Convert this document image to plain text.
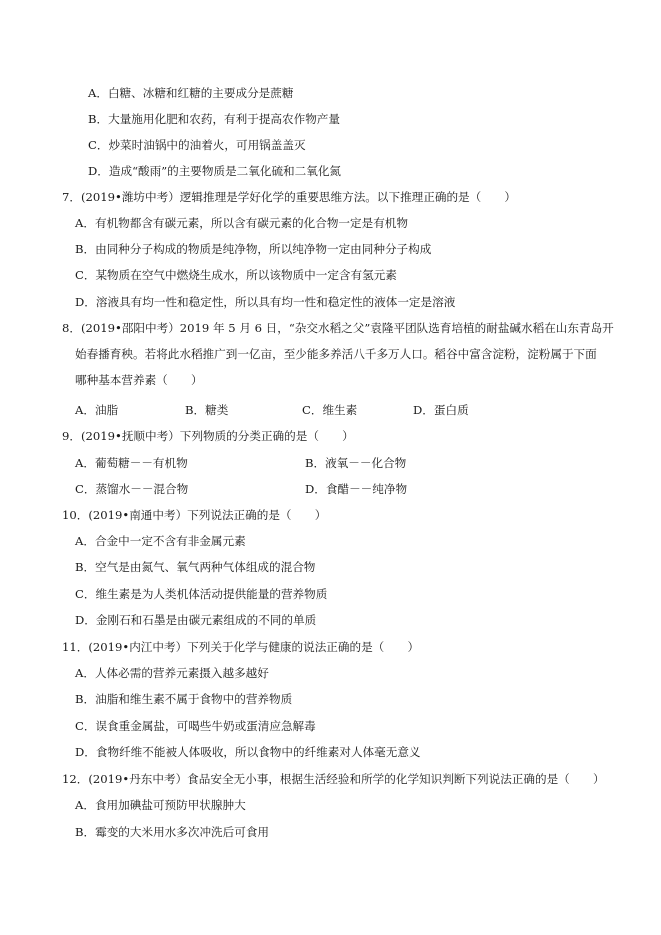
A．白糖、冰糖和红糖的主要成分是蔗糖
B．大量施用化肥和农药，有利于提高农作物产量
C．炒菜时油锅中的油着火，可用锅盖盖灭
D．造成“酸雨”的主要物质是二氧化硫和二氧化氮
7．(2019•潍坊中考）逻辑推理是学好化学的重要思维方法。以下推理正确的是（　　）
A．有机物都含有碳元素，所以含有碳元素的化合物一定是有机物
B．由同种分子构成的物质是纯净物，所以纯净物一定由同种分子构成
C．某物质在空气中燃烧生成水，所以该物质中一定含有氢元素
D．溶液具有均一性和稳定性，所以具有均一性和稳定性的液体一定是溶液
8．(2019•邵阳中考）2019 年 5 月 6 日，“杂交水稻之父”袁隆平团队选育培植的耐盐碱水稻在山东青岛开
始春播育秧。若将此水稻推广到一亿亩，至少能多养活八千多万人口。稻谷中富含淀粉，淀粉属于下面
哪种基本营养素（　　）
A．油脂	B．糖类	C．维生素	D．蛋白质
9．(2019•抚顺中考）下列物质的分类正确的是（　　）
A．葡萄糖－－有机物	B．液氧－－化合物
C．蒸馏水－－混合物	D．食醋－－纯净物
10．(2019•南通中考）下列说法正确的是（　　）
A．合金中一定不含有非金属元素
B．空气是由氮气、氧气两种气体组成的混合物
C．维生素是为人类机体活动提供能量的营养物质
D．金刚石和石墨是由碳元素组成的不同的单质
11．(2019•内江中考）下列关于化学与健康的说法正确的是（　　）
A．人体必需的营养元素摄入越多越好
B．油脂和维生素不属于食物中的营养物质
C．误食重金属盐，可喝些牛奶或蛋清应急解毒
D．食物纤维不能被人体吸收，所以食物中的纤维素对人体毫无意义
12．(2019•丹东中考）食品安全无小事，根据生活经验和所学的化学知识判断下列说法正确的是（　　）
A．食用加碘盐可预防甲状腺肿大
B．霉变的大米用水多次冲洗后可食用
